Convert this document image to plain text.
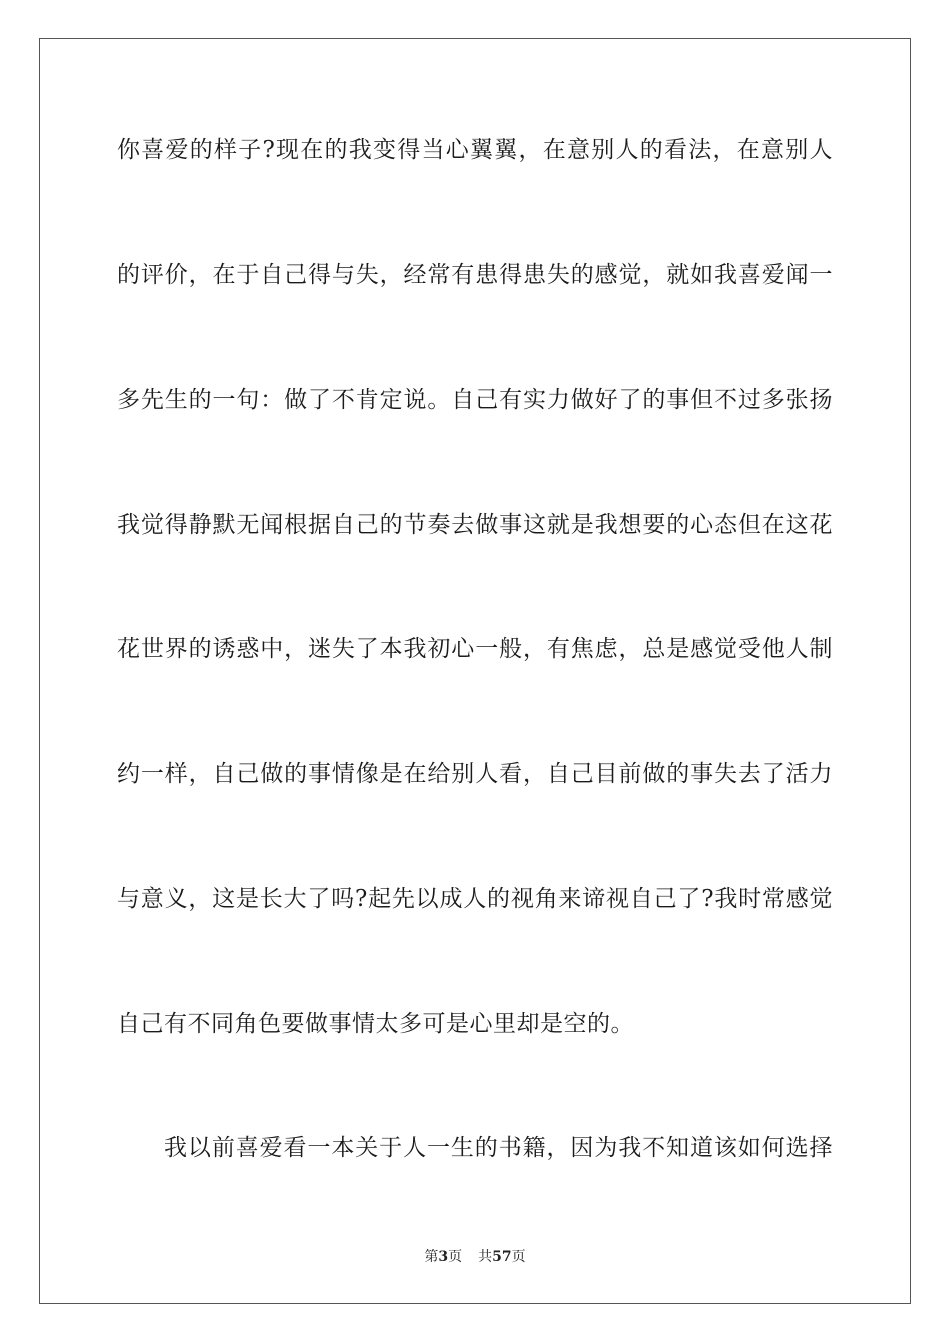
你喜爱的样子?现在的我变得当心翼翼，在意别人的看法，在意别人
的评价，在于自己得与失，经常有患得患失的感觉，就如我喜爱闻一
多先生的一句：做了不肯定说。自己有实力做好了的事但不过多张扬
我觉得静默无闻根据自己的节奏去做事这就是我想要的心态但在这花
花世界的诱惑中，迷失了本我初心一般，有焦虑，总是感觉受他人制
约一样，自己做的事情像是在给别人看，自己目前做的事失去了活力
与意义，这是长大了吗?起先以成人的视角来谛视自己了?我时常感觉
自己有不同角色要做事情太多可是心里却是空的。
我以前喜爱看一本关于人一生的书籍，因为我不知道该如何选择
第3页 共57页
